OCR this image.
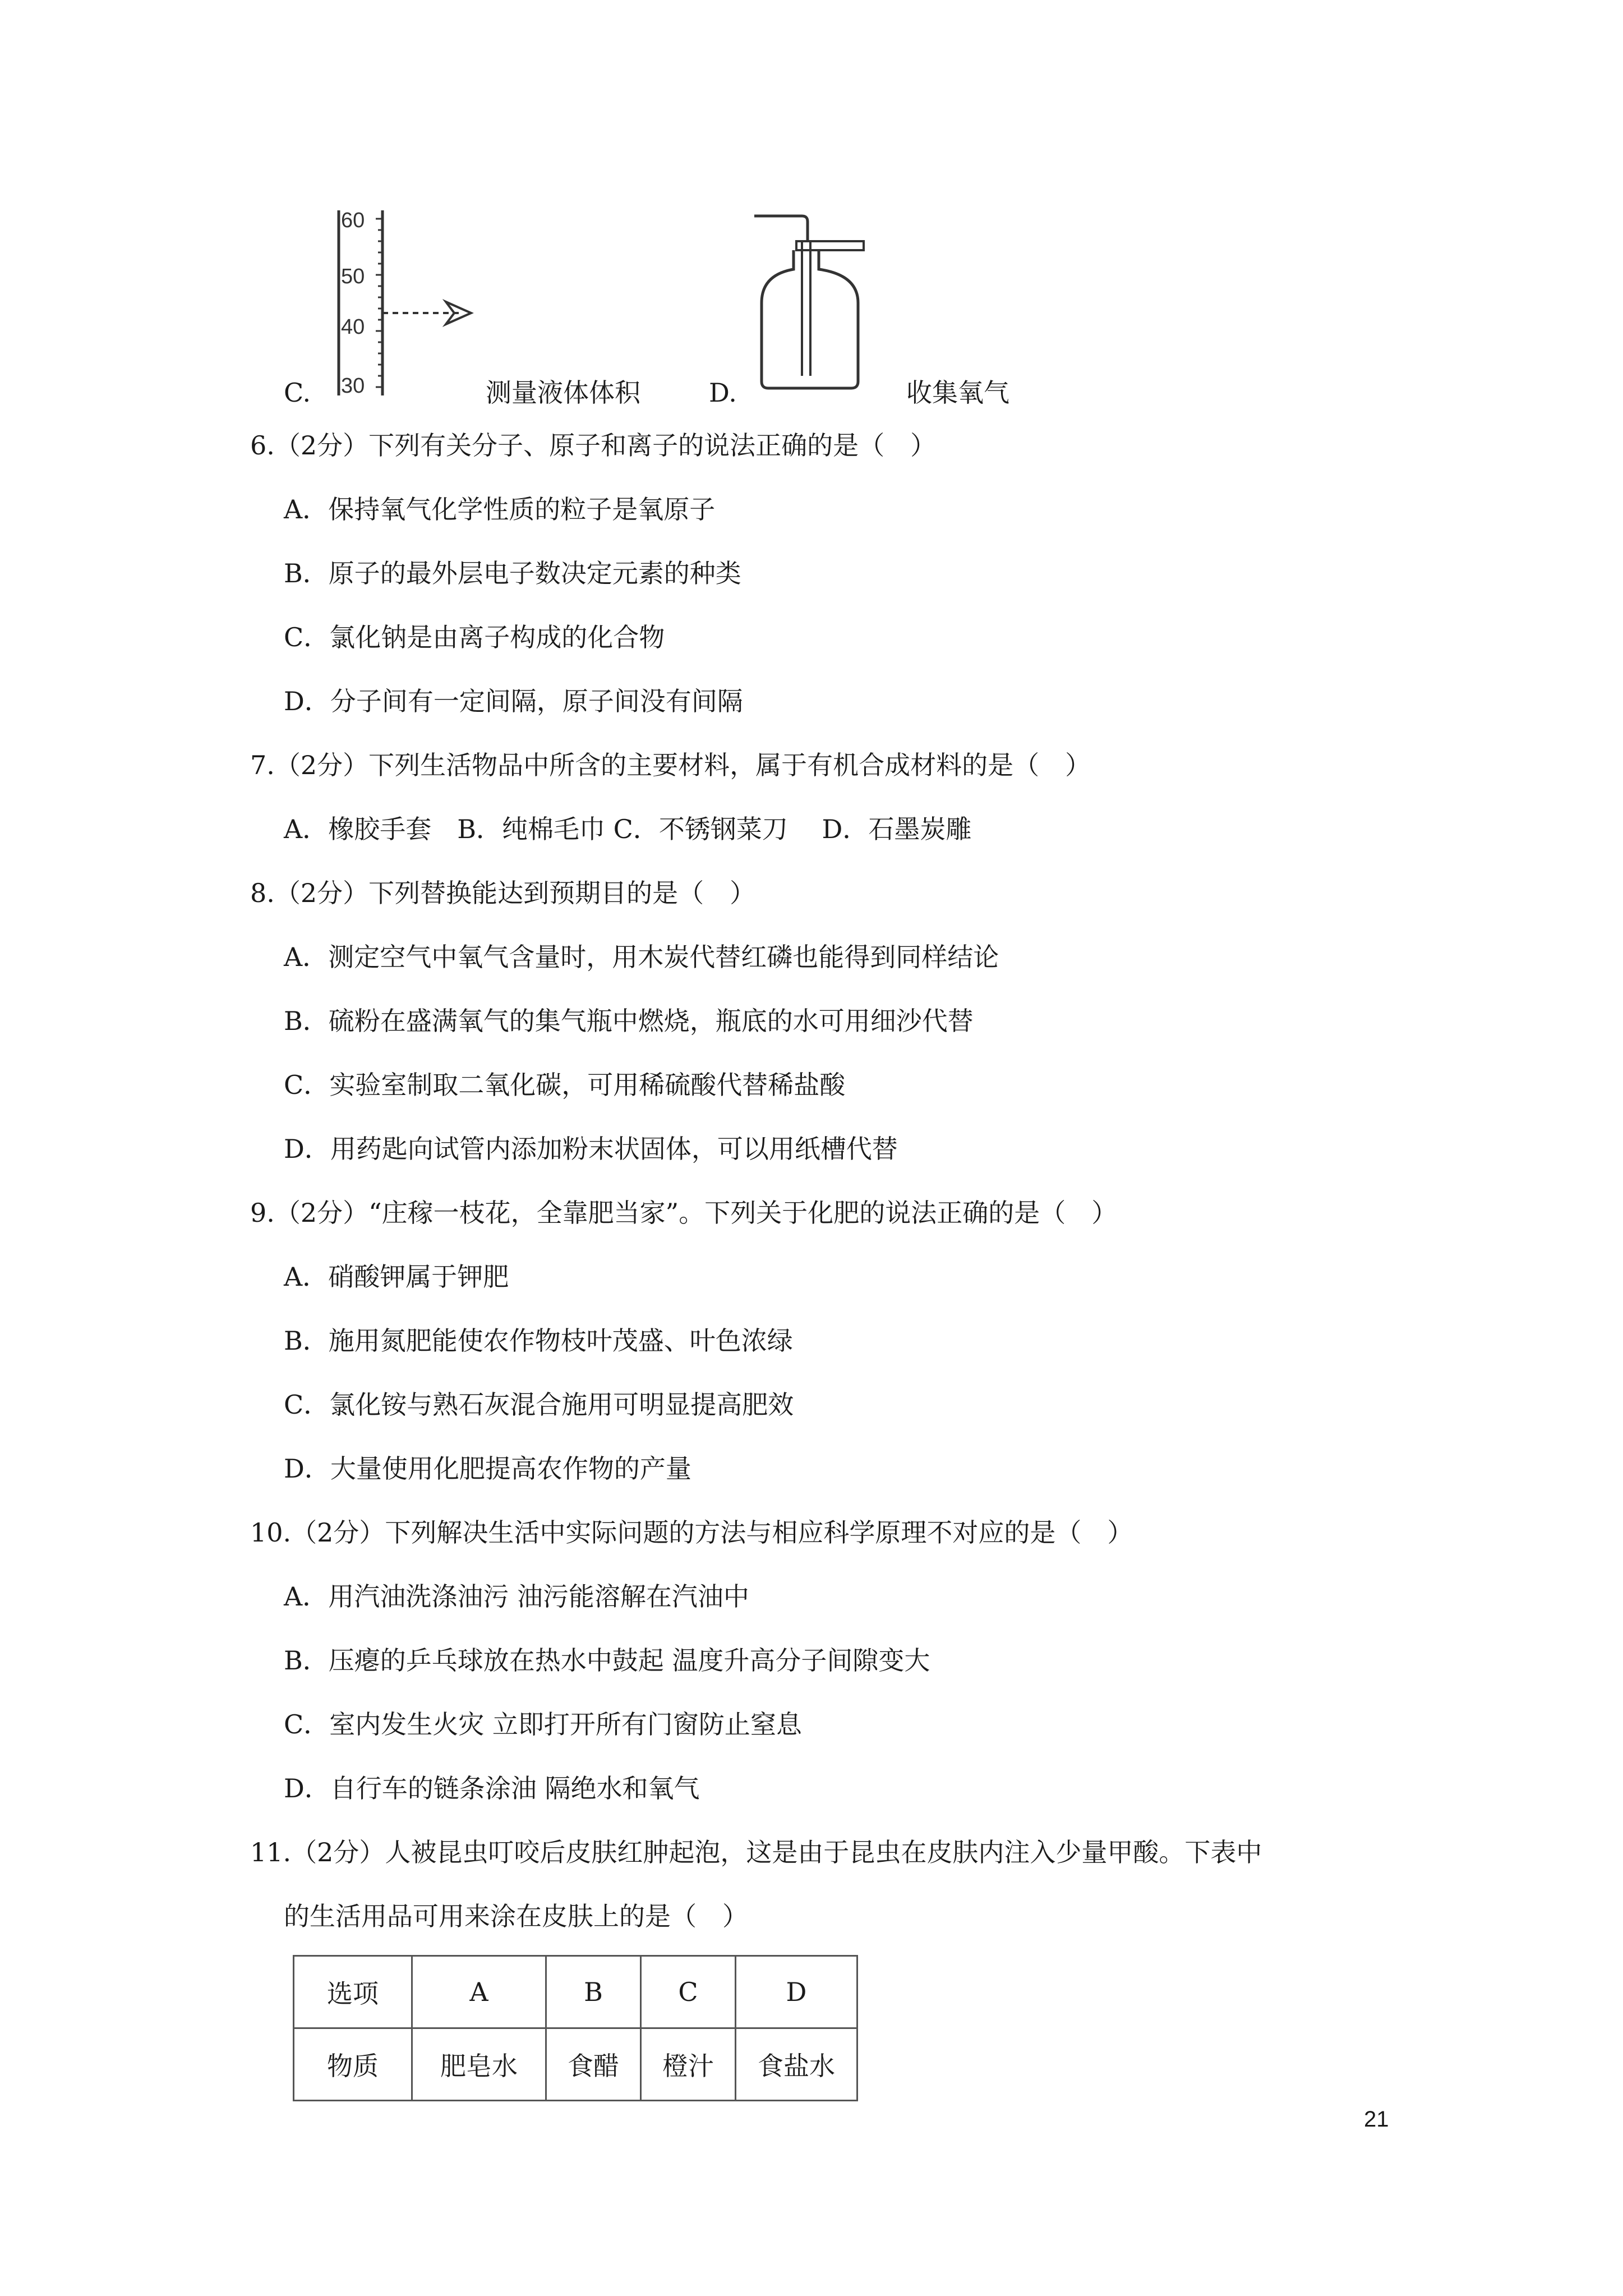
60
50
40
30
C.	测量液体体积	D.	收集氧气
6.（2分）下列有关分子、原子和离子的说法正确的是（　）
A．保持氧气化学性质的粒子是氧原子
B．原子的最外层电子数决定元素的种类
C．氯化钠是由离子构成的化合物
D．分子间有一定间隔，原子间没有间隔
7.（2分）下列生活物品中所含的主要材料，属于有机合成材料的是（　）
A．橡胶手套　B．纯棉毛巾 C．不锈钢菜刀　 D．石墨炭雕
8.（2分）下列替换能达到预期目的是（　）
A．测定空气中氧气含量时，用木炭代替红磷也能得到同样结论
B．硫粉在盛满氧气的集气瓶中燃烧，瓶底的水可用细沙代替
C．实验室制取二氧化碳，可用稀硫酸代替稀盐酸
D．用药匙向试管内添加粉末状固体，可以用纸槽代替
9.（2分）“庄稼一枝花，全靠肥当家”。下列关于化肥的说法正确的是（　）
A．硝酸钾属于钾肥
B．施用氮肥能使农作物枝叶茂盛、叶色浓绿
C．氯化铵与熟石灰混合施用可明显提高肥效
D．大量使用化肥提高农作物的产量
10.（2分）下列解决生活中实际问题的方法与相应科学原理不对应的是（　）
A．用汽油洗涤油污 油污能溶解在汽油中
B．压瘪的乒乓球放在热水中鼓起 温度升高分子间隙变大
C．室内发生火灾 立即打开所有门窗防止窒息
D．自行车的链条涂油 隔绝水和氧气
11.（2分）人被昆虫叮咬后皮肤红肿起泡，这是由于昆虫在皮肤内注入少量甲酸。下表中
的生活用品可用来涂在皮肤上的是（　）
选项	A	B	C	D
物质	肥皂水	食醋	橙汁	食盐水
21
